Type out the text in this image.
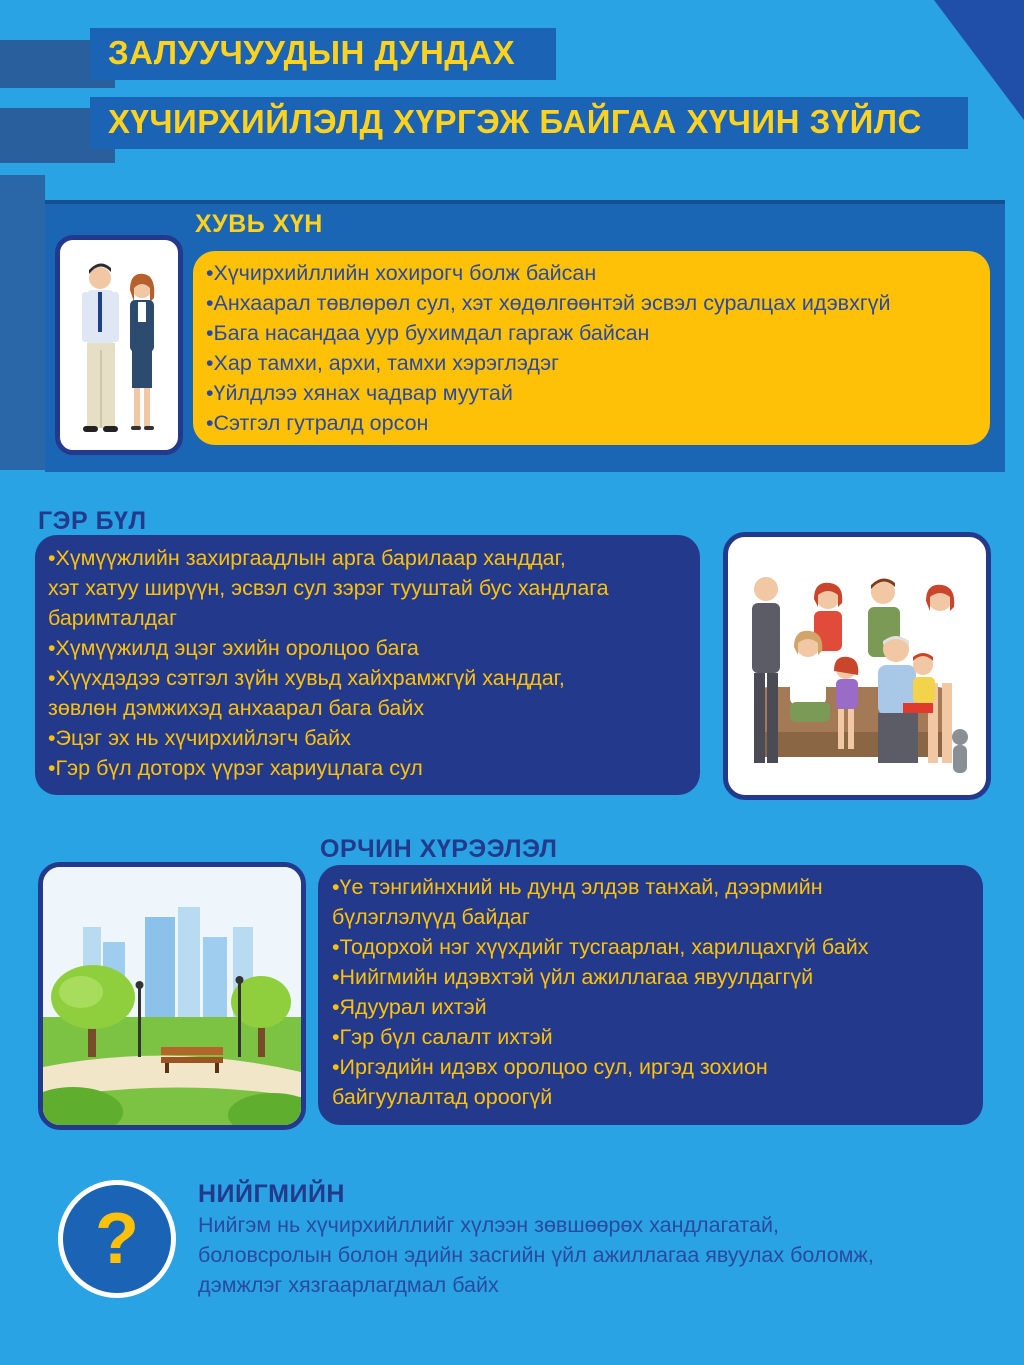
ЗАЛУУЧУУДЫН ДУНДАХ
ХҮЧИРХИЙЛЭЛД ХҮРГЭЖ БАЙГАА ХҮЧИН ЗҮЙЛС
ХУВЬ ХҮН
•Хүчирхийллийн хохирогч болж байсан
•Анхаарал төвлөрөл сул, хэт хөдөлгөөнтэй эсвэл суралцах идэвхгүй
•Бага насандаа уур бухимдал гаргаж байсан
•Хар тамхи, архи, тамхи хэрэглэдэг
•Үйлдлээ хянах чадвар муутай
•Сэтгэл гутралд орсон
ГЭР БҮЛ
•Хүмүүжлийн захиргаадлын арга барилаар ханддаг,
хэт хатуу ширүүн, эсвэл сул зэрэг тууштай бус хандлага
баримталдаг
•Хүмүүжилд эцэг эхийн оролцоо бага
•Хүүхдэдээ сэтгэл зүйн хувьд хайхрамжгүй ханддаг,
зөвлөн дэмжихэд анхаарал бага байх
•Эцэг эх нь хүчирхийлэгч байх
•Гэр бүл доторх үүрэг хариуцлага сул
ОРЧИН ХҮРЭЭЛЭЛ
•Үе тэнгийнхний нь дунд элдэв танхай, дээрмийн
бүлэглэлүүд байдаг
•Тодорхой нэг хүүхдийг тусгаарлан, харилцахгүй байх
•Нийгмийн идэвхтэй үйл ажиллагаа явуулдаггүй
•Ядуурал ихтэй
•Гэр бүл салалт ихтэй
•Иргэдийн идэвх оролцоо сул, иргэд зохион
байгуулалтад ороогүй
?
НИЙГМИЙН
Нийгэм нь хүчирхийллийг хүлээн зөвшөөрөх хандлагатай,
боловсролын болон эдийн засгийн үйл ажиллагаа явуулах боломж,
дэмжлэг хязгаарлагдмал байх
